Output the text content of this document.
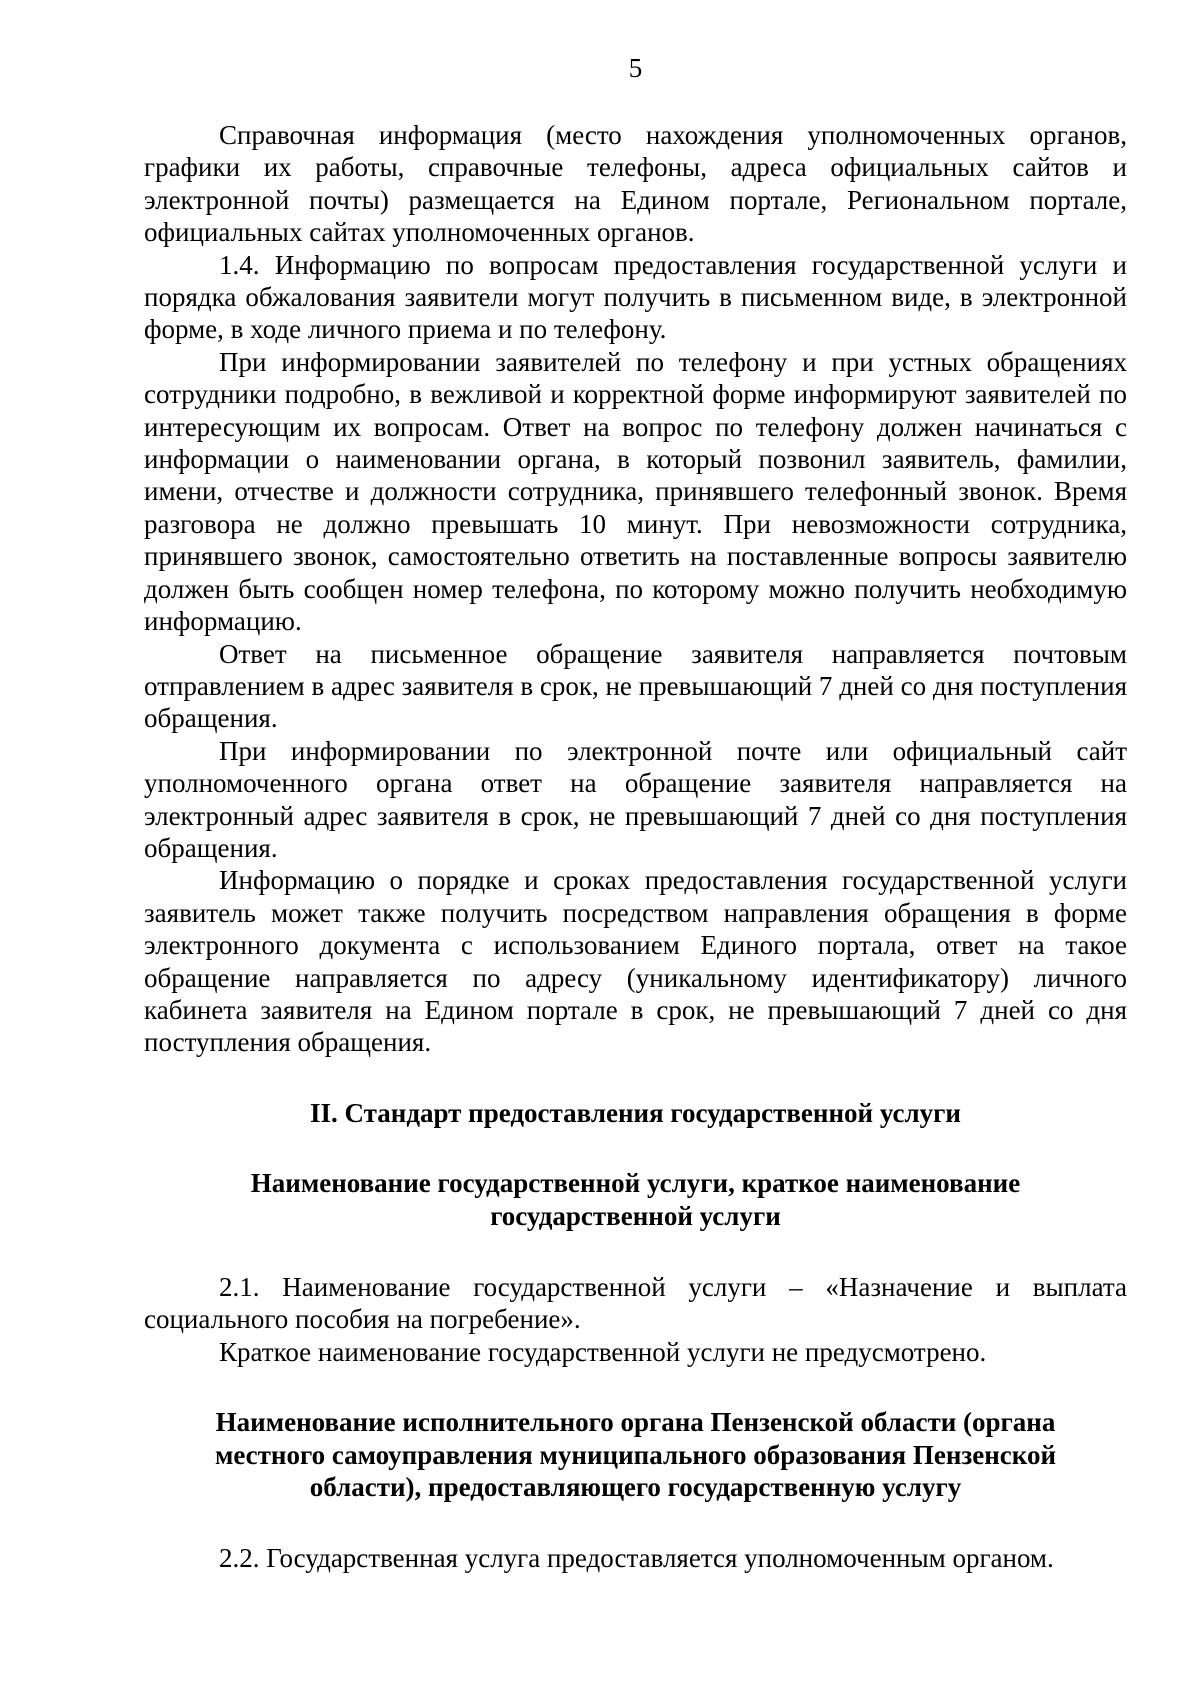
5

Справочная информация (место нахождения уполномоченных органов, графики их работы, справочные телефоны, адреса официальных сайтов и электронной почты) размещается на Едином портале, Региональном портале, официальных сайтах уполномоченных органов.

1.4. Информацию по вопросам предоставления государственной услуги и порядка обжалования заявители могут получить в письменном виде, в электронной форме, в ходе личного приема и по телефону.

При информировании заявителей по телефону и при устных обращениях сотрудники подробно, в вежливой и корректной форме информируют заявителей по интересующим их вопросам. Ответ на вопрос по телефону должен начинаться с информации о наименовании органа, в который позвонил заявитель, фамилии, имени, отчестве и должности сотрудника, принявшего телефонный звонок. Время разговора не должно превышать 10 минут. При невозможности сотрудника, принявшего звонок, самостоятельно ответить на поставленные вопросы заявителю должен быть сообщен номер телефона, по которому можно получить необходимую информацию.

Ответ на письменное обращение заявителя направляется почтовым отправлением в адрес заявителя в срок, не превышающий 7 дней со дня поступления обращения.

При информировании по электронной почте или официальный сайт уполномоченного органа ответ на обращение заявителя направляется на электронный адрес заявителя в срок, не превышающий 7 дней со дня поступления обращения.

Информацию о порядке и сроках предоставления государственной услуги заявитель может также получить посредством направления обращения в форме электронного документа с использованием Единого портала, ответ на такое обращение направляется по адресу (уникальному идентификатору) личного кабинета заявителя на Едином портале в срок, не превышающий 7 дней со дня поступления обращения.

II. Стандарт предоставления государственной услуги
Наименование государственной услуги, краткое наименование
государственной услуги

2.1. Наименование государственной услуги – «Назначение и выплата социального пособия на погребение».

Краткое наименование государственной услуги не предусмотрено.

Наименование исполнительного органа Пензенской области (органа
местного самоуправления муниципального образования Пензенской
области), предоставляющего государственную услугу

2.2. Государственная услуга предоставляется уполномоченным органом.
